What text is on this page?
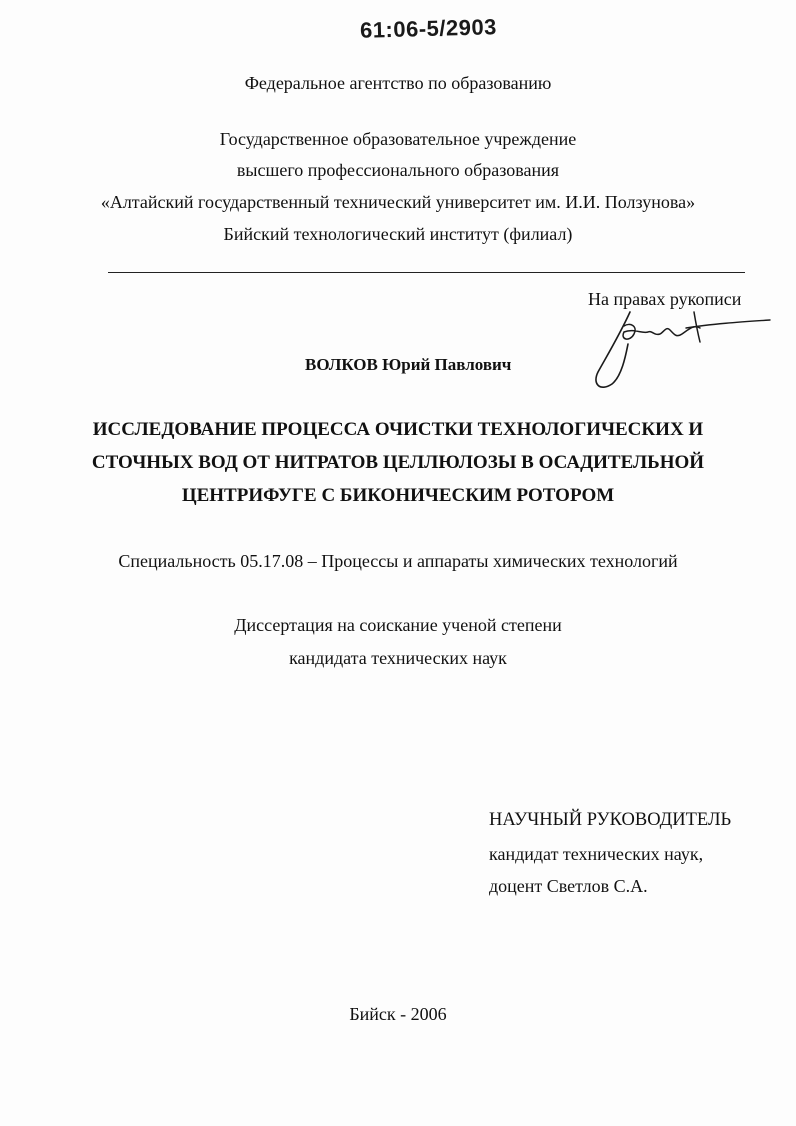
61:06-5/2903
Федеральное агентство по образованию
Государственное образовательное учреждение
высшего профессионального образования
«Алтайский государственный технический университет им. И.И. Ползунова»
Бийский технологический институт (филиал)
На правах рукописи
ВОЛКОВ Юрий Павлович
ИССЛЕДОВАНИЕ ПРОЦЕССА ОЧИСТКИ ТЕХНОЛОГИЧЕСКИХ И
СТОЧНЫХ ВОД ОТ НИТРАТОВ ЦЕЛЛЮЛОЗЫ В ОСАДИТЕЛЬНОЙ
ЦЕНТРИФУГЕ С БИКОНИЧЕСКИМ РОТОРОМ
Специальность 05.17.08 – Процессы и аппараты химических технологий
Диссертация на соискание ученой степени
кандидата технических наук
НАУЧНЫЙ РУКОВОДИТЕЛЬ
кандидат технических наук,
доцент Светлов С.А.
Бийск - 2006
